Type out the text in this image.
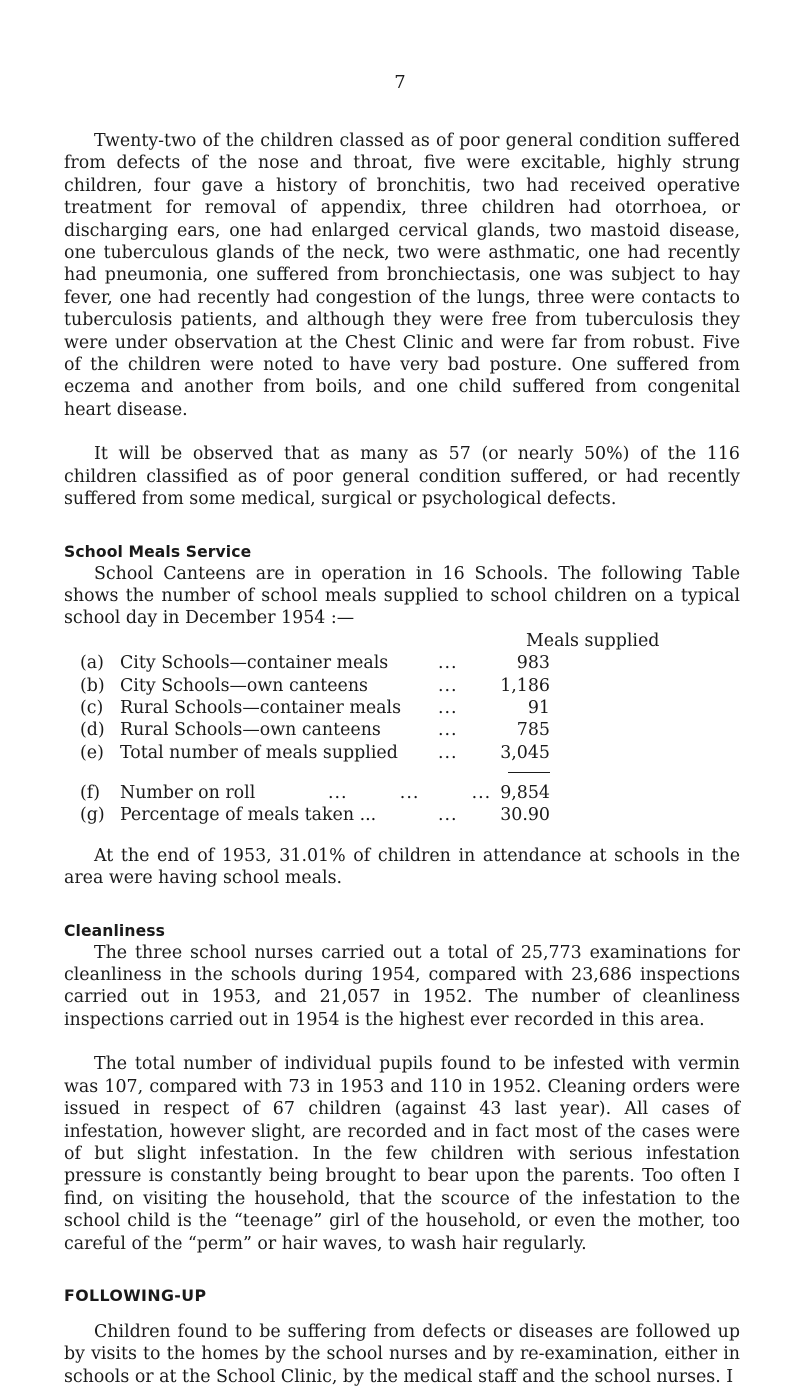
7

Twenty-two of the children classed as of poor general condition suffered from defects of the nose and throat, five were excitable, highly strung children, four gave a history of bronchitis, two had received operative treatment for removal of appendix, three children had otorrhoea, or discharging ears, one had enlarged cervical glands, two mastoid disease, one tuberculous glands of the neck, two were asthmatic, one had recently had pneumonia, one suffered from bronchiectasis, one was subject to hay fever, one had recently had congestion of the lungs, three were contacts to tuberculosis patients, and although they were free from tuberculosis they were under observation at the Chest Clinic and were far from robust. Five of the children were noted to have very bad posture. One suffered from eczema and another from boils, and one child suffered from congenital heart disease.

It will be observed that as many as 57 (or nearly 50%) of the 116 children classified as of poor general condition suffered, or had recently suffered from some medical, surgical or psychological defects.

School Meals Service

School Canteens are in operation in 16 Schools. The following Table shows the number of school meals supplied to school children on a typical school day in December 1954 :—

Meals supplied
(a) City Schools—container meals	...	983
(b) City Schools—own canteens	... 1,186
(c) Rural Schools—container meals ...	91
(d) Rural Schools—own canteens	...	785
(e) Total number of meals supplied ... 3,045
(f) Number on roll	...        ...        ... 9,854
(g) Percentage of meals taken ...	... 30.90

At the end of 1953, 31.01% of children in attendance at schools in the area were having school meals.

Cleanliness

The three school nurses carried out a total of 25,773 examinations for cleanliness in the schools during 1954, compared with 23,686 inspections carried out in 1953, and 21,057 in 1952. The number of cleanliness inspections carried out in 1954 is the highest ever recorded in this area.

The total number of individual pupils found to be infested with vermin was 107, compared with 73 in 1953 and 110 in 1952. Cleaning orders were issued in respect of 67 children (against 43 last year). All cases of infestation, however slight, are recorded and in fact most of the cases were of but slight infestation. In the few children with serious infestation pressure is constantly being brought to bear upon the parents. Too often I find, on visiting the household, that the scource of the infestation to the school child is the “teenage” girl of the household, or even the mother, too careful of the “perm” or hair waves, to wash hair regularly.

FOLLOWING-UP

Children found to be suffering from defects or diseases are followed up by visits to the homes by the school nurses and by re-examination, either in schools or at the School Clinic, by the medical staff and the school nurses. I
